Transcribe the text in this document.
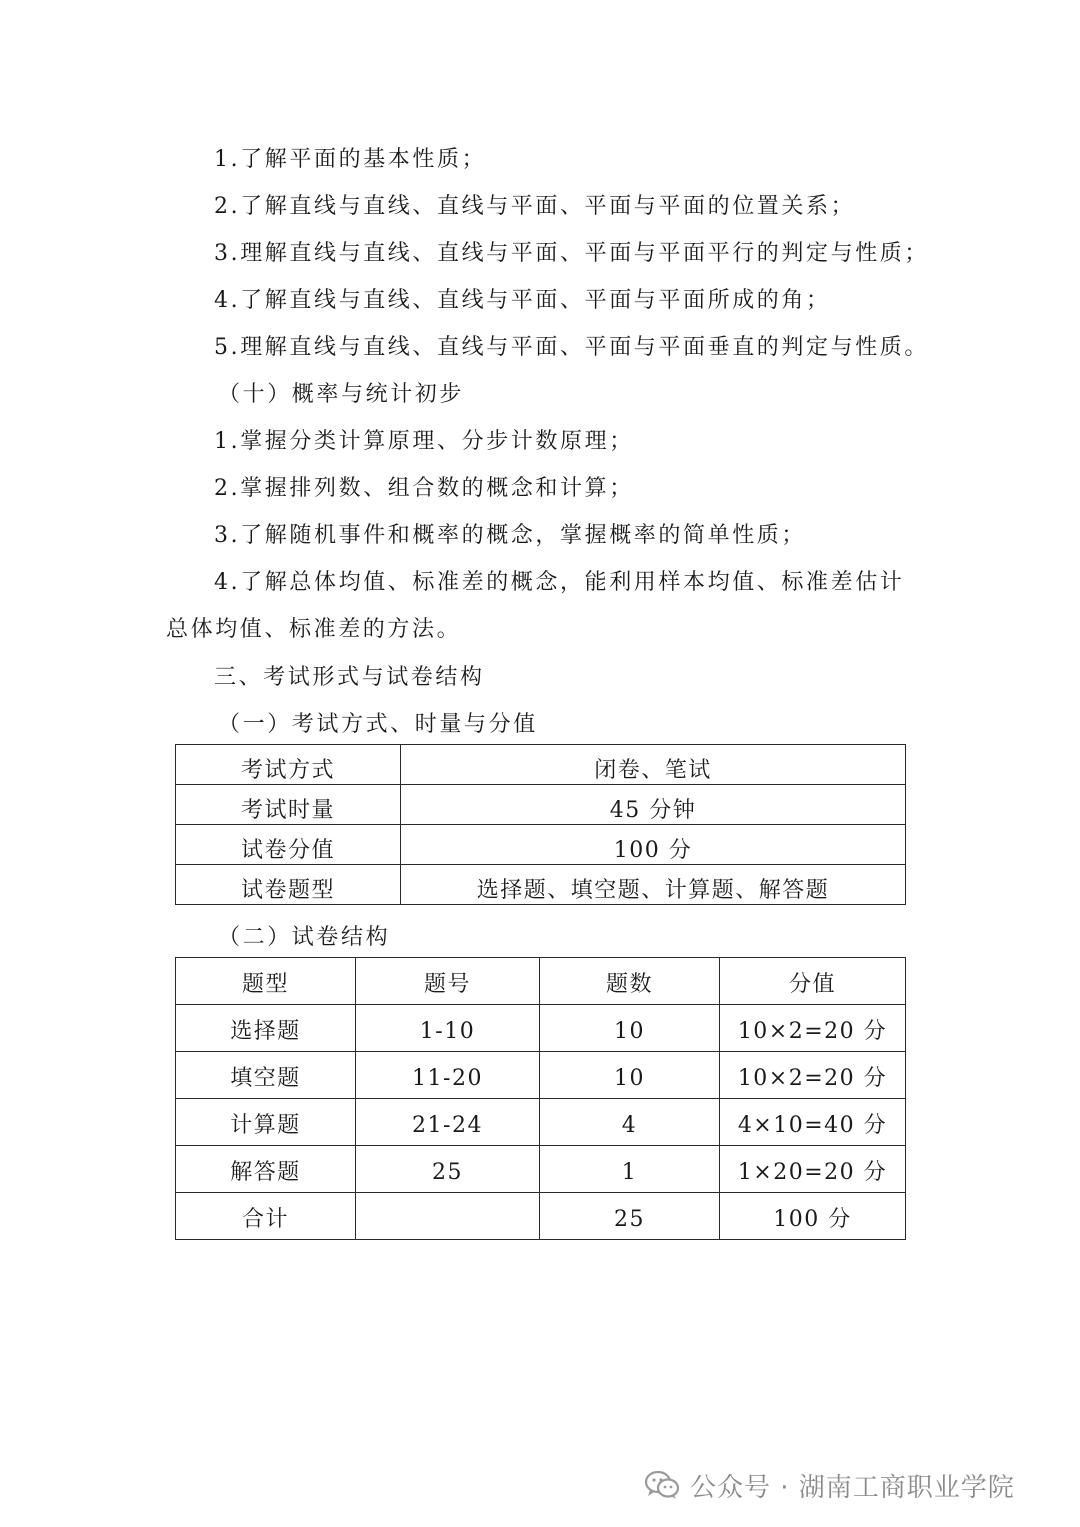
1.了解平面的基本性质；
2.了解直线与直线、直线与平面、平面与平面的位置关系；
3.理解直线与直线、直线与平面、平面与平面平行的判定与性质；
4.了解直线与直线、直线与平面、平面与平面所成的角；
5.理解直线与直线、直线与平面、平面与平面垂直的判定与性质。
（十）概率与统计初步
1.掌握分类计算原理、分步计数原理；
2.掌握排列数、组合数的概念和计算；
3.了解随机事件和概率的概念，掌握概率的简单性质；
4.了解总体均值、标准差的概念，能利用样本均值、标准差估计
总体均值、标准差的方法。
三、考试形式与试卷结构
（一）考试方式、时量与分值
考试方式	闭卷、笔试
考试时量	45 分钟
试卷分值	100 分
试卷题型	选择题、填空题、计算题、解答题
（二）试卷结构
题型	题号	题数	分值
选择题	1-10	10	10×2=20 分
填空题	11-20	10	10×2=20 分
计算题	21-24	4	4×10=40 分
解答题	25	1	1×20=20 分
合计		25	100 分
公众号 · 湖南工商职业学院
